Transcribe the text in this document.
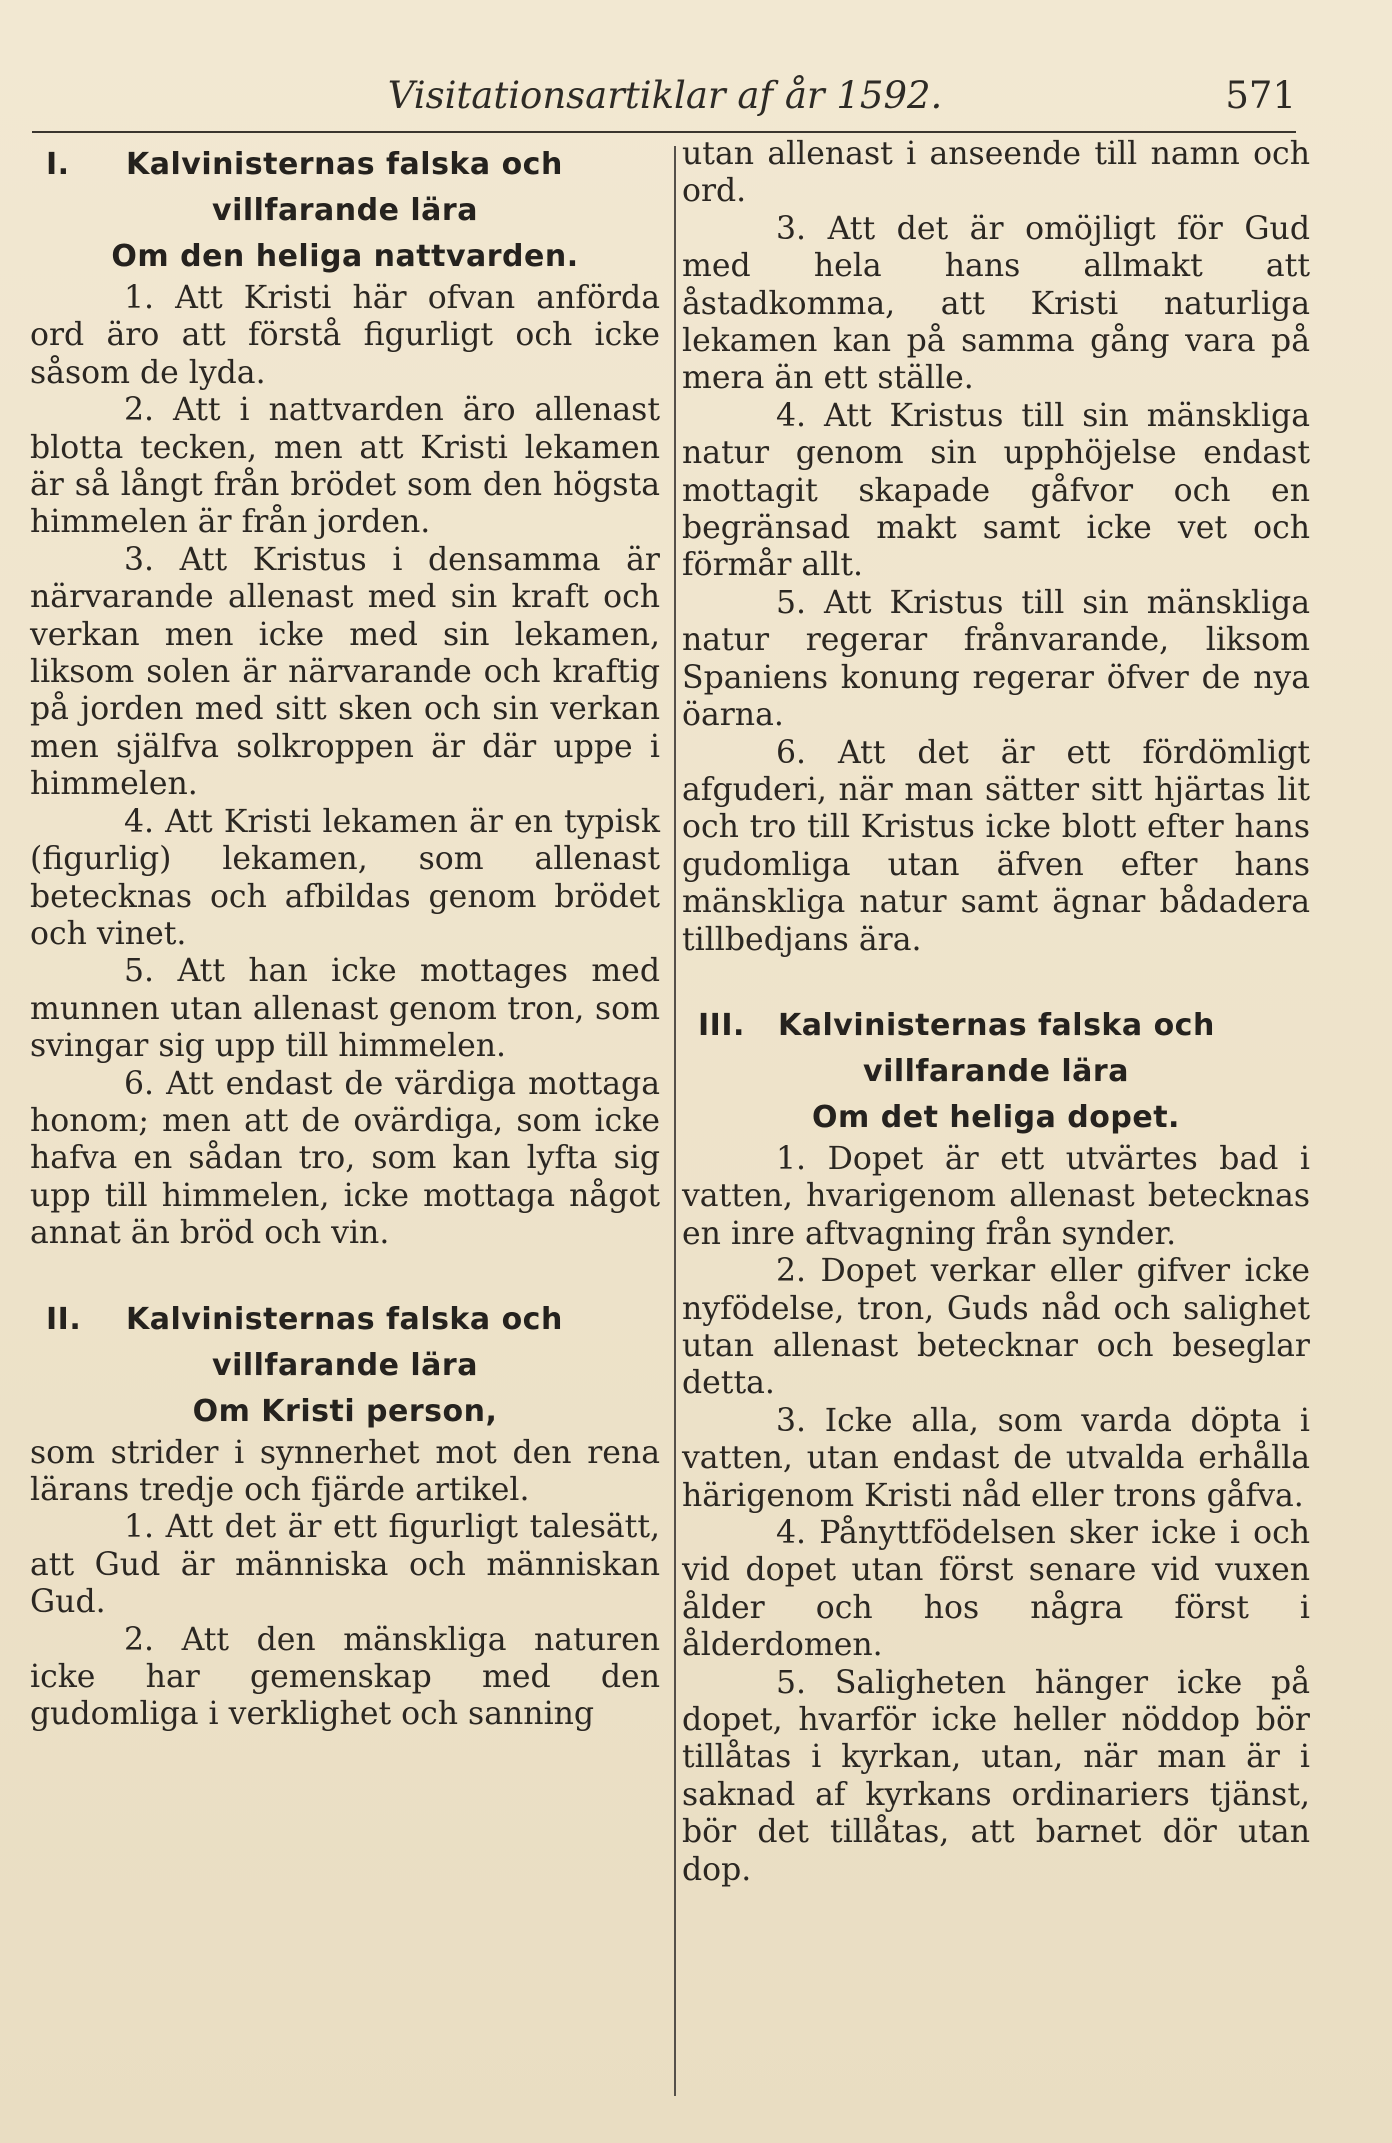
Visitationsartiklar af år 1592.	571

I. Kalvinisternas falska och

villfarande lära

Om den heliga nattvarden.

1. Att Kristi här ofvan anförda ord äro att förstå figurligt och icke såsom de lyda.

2. Att i nattvarden äro allenast blotta tecken, men att Kristi lekamen är så långt från brödet som den högsta himmelen är från jorden.

3. Att Kristus i densamma är närvarande allenast med sin kraft och verkan men icke med sin lekamen, liksom solen är närvarande och kraftig på jorden med sitt sken och sin verkan men själfva solkroppen är där uppe i himmelen.

4. Att Kristi lekamen är en typisk (figurlig) lekamen, som allenast betecknas och afbildas genom brödet och vinet.

5. Att han icke mottages med munnen utan allenast genom tron, som svingar sig upp till himmelen.

6. Att endast de värdiga mottaga honom; men att de ovärdiga, som icke hafva en sådan tro, som kan lyfta sig upp till himmelen, icke mottaga något annat än bröd och vin.

II. Kalvinisternas falska och

villfarande lära

Om Kristi person,

som strider i synnerhet mot den rena lärans tredje och fjärde artikel.

1. Att det är ett figurligt talesätt, att Gud är människa och människan Gud.

2. Att den mänskliga naturen icke har gemenskap med den gudomliga i verklighet och sanning

utan allenast i anseende till namn och ord.

3. Att det är omöjligt för Gud med hela hans allmakt att åstadkomma, att Kristi naturliga lekamen kan på samma gång vara på mera än ett ställe.

4. Att Kristus till sin mänskliga natur genom sin upphöjelse endast mottagit skapade gåfvor och en begränsad makt samt icke vet och förmår allt.

5. Att Kristus till sin mänskliga natur regerar frånvarande, liksom Spaniens konung regerar öfver de nya öarna.

6. Att det är ett fördömligt afguderi, när man sätter sitt hjärtas lit och tro till Kristus icke blott efter hans gudomliga utan äfven efter hans mänskliga natur samt ägnar bådadera tillbedjans ära.

III. Kalvinisternas falska och

villfarande lära

Om det heliga dopet.

1. Dopet är ett utvärtes bad i vatten, hvarigenom allenast betecknas en inre aftvagning från synder.

2. Dopet verkar eller gifver icke nyfödelse, tron, Guds nåd och salighet utan allenast betecknar och beseglar detta.

3. Icke alla, som varda döpta i vatten, utan endast de utvalda erhålla härigenom Kristi nåd eller trons gåfva.

4. Pånyttfödelsen sker icke i och vid dopet utan först senare vid vuxen ålder och hos några först i ålderdomen.

5. Saligheten hänger icke på dopet, hvarför icke heller nöddop bör tillåtas i kyrkan, utan, när man är i saknad af kyrkans ordinariers tjänst, bör det tillåtas, att barnet dör utan dop.
